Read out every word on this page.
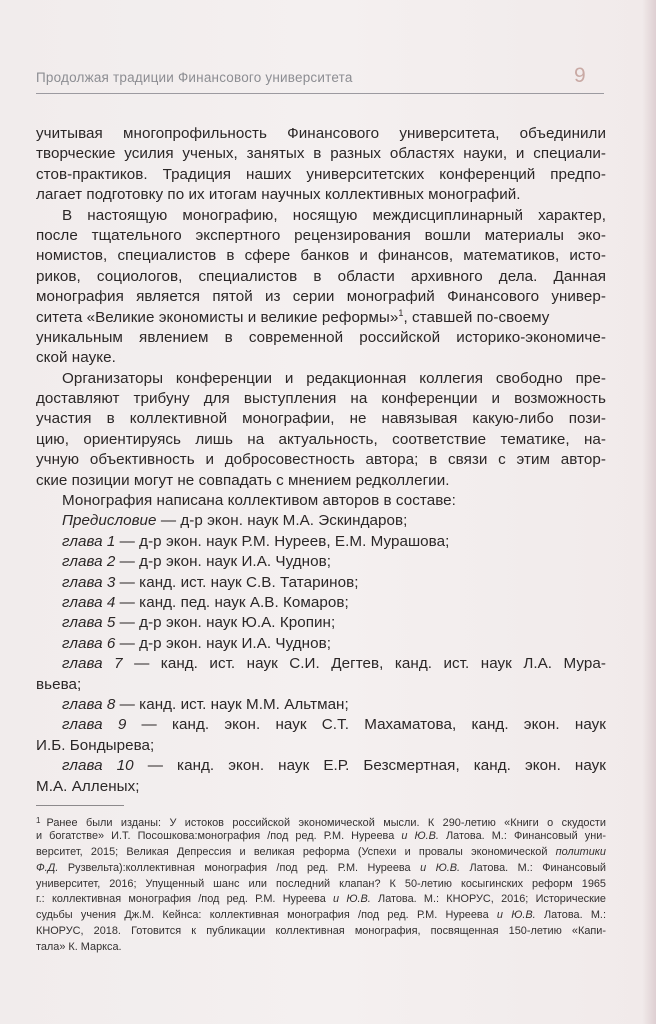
Продолжая традиции Финансового университета	9
учитывая многопрофильность Финансового университета, объединили
творческие усилия ученых, занятых в разных областях науки, и специали-
стов-практиков. Традиция наших университетских конференций предпо-
лагает подготовку по их итогам научных коллективных монографий.
В настоящую монографию, носящую междисциплинарный характер,
после тщательного экспертного рецензирования вошли материалы эко-
номистов, специалистов в сфере банков и финансов, математиков, исто-
риков, социологов, специалистов в области архивного дела. Данная
монография является пятой из серии монографий Финансового универ-
ситета «Великие экономисты и великие реформы»$^1$, ставшей по-своему
уникальным явлением в современной российской историко-экономиче-
ской науке.
Организаторы конференции и редакционная коллегия свободно пре-
доставляют трибуну для выступления на конференции и возможность
участия в коллективной монографии, не навязывая какую-либо пози-
цию, ориентируясь лишь на актуальность, соответствие тематике, на-
учную объективность и добросовестность автора; в связи с этим автор-
ские позиции могут не совпадать с мнением редколлегии.
Монография написана коллективом авторов в составе:
Предисловие — д-р экон. наук М.А. Эскиндаров;
глава 1 — д-р экон. наук Р.М. Нуреев, Е.М. Мурашова;
глава 2 — д-р экон. наук И.А. Чуднов;
глава 3 — канд. ист. наук С.В. Татаринов;
глава 4 — канд. пед. наук А.В. Комаров;
глава 5 — д-р экон. наук Ю.А. Кропин;
глава 6 — д-р экон. наук И.А. Чуднов;
глава 7 — канд. ист. наук С.И. Дегтев, канд. ист. наук Л.А. Мура-
вьева;
глава 8 — канд. ист. наук М.М. Альтман;
глава 9 — канд. экон. наук С.Т. Махаматова, канд. экон. наук
И.Б. Бондырева;
глава 10 — канд. экон. наук Е.Р. Безсмертная, канд. экон. наук
М.А. Алленых;
$^1$ Ранее были изданы: У истоков российской экономической мысли. К 290-летию «Книги о скудости
и богатстве» И.Т. Посошкова:монография /под ред. Р.М. Нуреева и Ю.В. Латова. М.: Финансовый уни-
верситет, 2015; Великая Депрессия и великая реформа (Успехи и провалы экономической политики
Ф.Д. Рузвельта):коллективная монография /под ред. Р.М. Нуреева и Ю.В. Латова. М.: Финансовый
университет, 2016; Упущенный шанс или последний клапан? К 50-летию косыгинских реформ 1965
г.: коллективная монография /под ред. Р.М. Нуреева и Ю.В. Латова. М.: КНОРУС, 2016; Исторические
судьбы учения Дж.М. Кейнса: коллективная монография /под ред. Р.М. Нуреева и Ю.В. Латова. М.:
КНОРУС, 2018. Готовится к публикации коллективная монография, посвященная 150-летию «Капи-
тала» К. Маркса.
